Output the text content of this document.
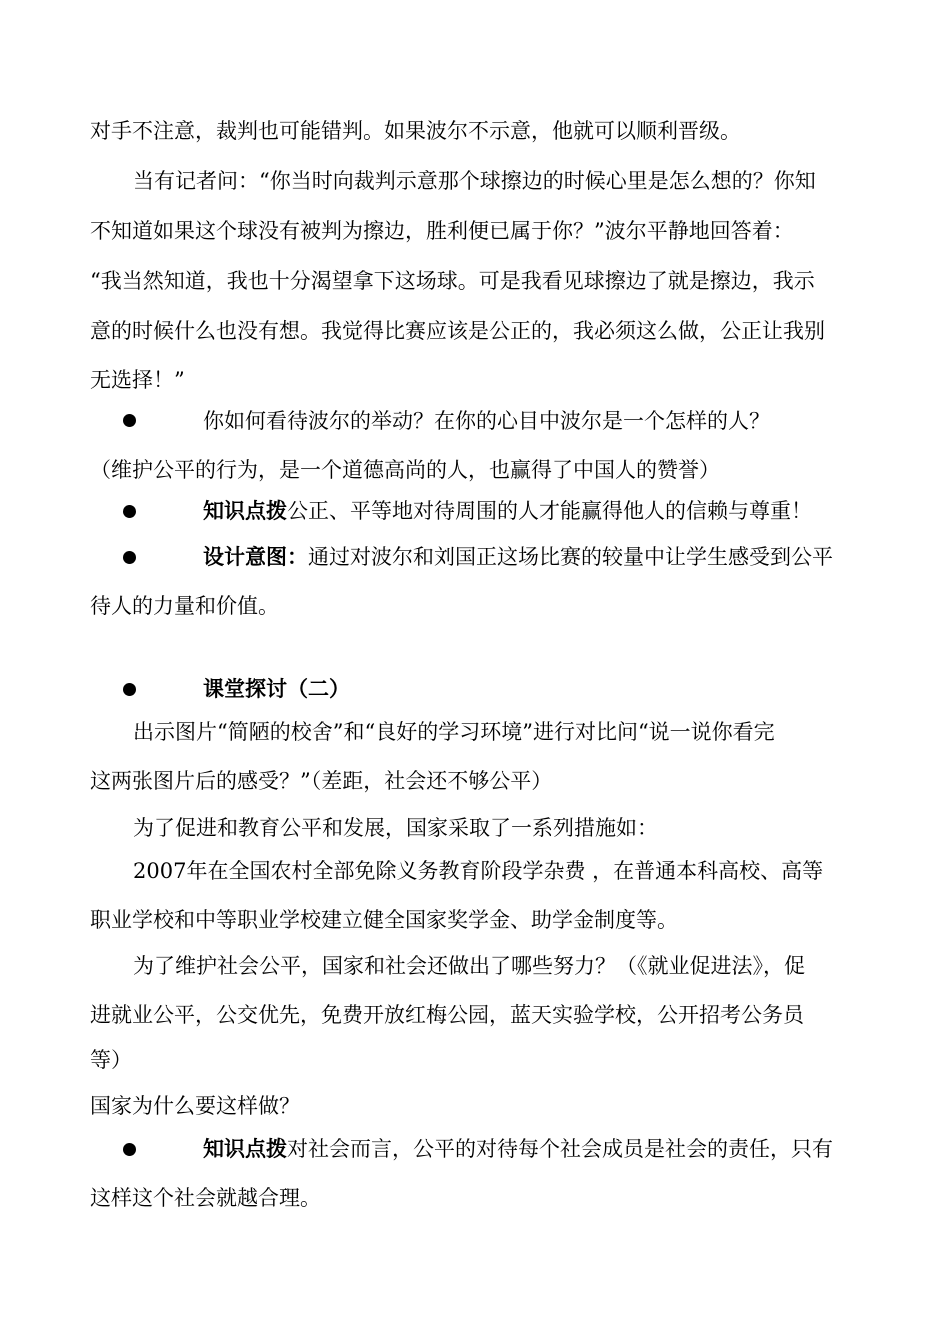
对手不注意，裁判也可能错判。如果波尔不示意，他就可以顺利晋级。
当有记者问：“你当时向裁判示意那个球擦边的时候心里是怎么想的？你知
不知道如果这个球没有被判为擦边，胜利便已属于你？”波尔平静地回答着：
“我当然知道，我也十分渴望拿下这场球。可是我看见球擦边了就是擦边，我示
意的时候什么也没有想。我觉得比赛应该是公正的，我必须这么做，公正让我别
无选择！”
你如何看待波尔的举动？在你的心目中波尔是一个怎样的人？
（维护公平的行为，是一个道德高尚的人，也赢得了中国人的赞誉）
知识点拨公正、平等地对待周围的人才能赢得他人的信赖与尊重！
设计意图：通过对波尔和刘国正这场比赛的较量中让学生感受到公平
待人的力量和价值。
课堂探讨（二）
出示图片“简陋的校舍”和“良好的学习环境”进行对比问“说一说你看完
这两张图片后的感受？”（差距，社会还不够公平）
为了促进和教育公平和发展，国家采取了一系列措施如：
2007年在全国农村全部免除义务教育阶段学杂费 ，在普通本科高校、高等
职业学校和中等职业学校建立健全国家奖学金、助学金制度等。
为了维护社会公平，国家和社会还做出了哪些努力？（《就业促进法》，促
进就业公平，公交优先，免费开放红梅公园，蓝天实验学校，公开招考公务员
等）
国家为什么要这样做？
知识点拨对社会而言，公平的对待每个社会成员是社会的责任，只有
这样这个社会就越合理。
